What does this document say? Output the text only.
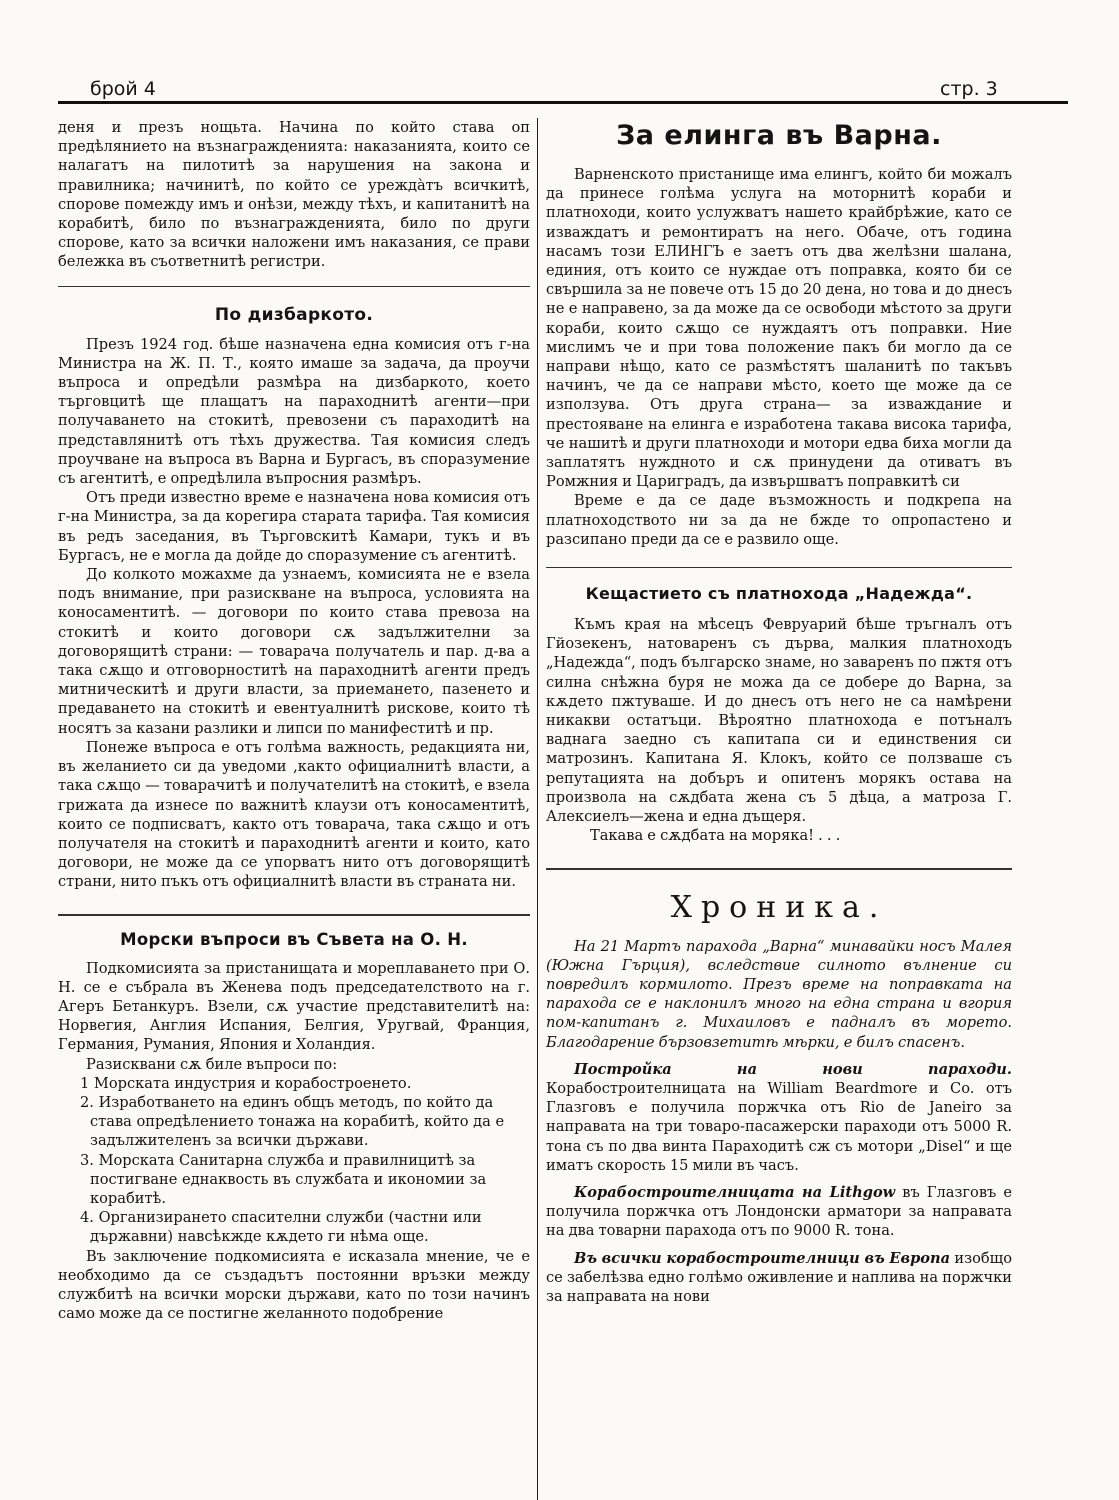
брой 4	стр. 3

деня и презъ нощьта. Начина по който става оп предѣлянието на възнагражденията: наказанията, които се налагатъ на пилотитѣ за нарушения на закона и правилника; начинитѣ, по който се урежда̀тъ всичкитѣ, спорове помежду имъ и онѣзи, между тѣхъ, и капитанитѣ на корабитѣ, било по възнагражденията, било по други спорове, като за всички наложени имъ наказания, се прави бележка въ съответнитѣ регистри.

По дизбаркото.

Презъ 1924 год. бѣше назначена една комисия отъ г-на Министра на Ж. П. Т., която имаше за задача, да проучи въпроса и опредѣли размѣра на дизбаркото, което търговцитѣ ще плащатъ на параходнитѣ агенти—при получаването на стокитѣ, превозени съ параходитѣ на представлянитѣ отъ тѣхъ дружества. Тая комисия следъ проучване на въпроса въ Варна и Бургасъ, въ споразумение съ агентитѣ, е опредѣлила въпросния размѣръ.

Отъ преди известно време е назначена нова комисия отъ г-на Министра, за да корегира старата тарифа. Тая комисия въ редъ заседания, въ Търговскитѣ Камари, тукъ и въ Бургасъ, не е могла да дойде до споразумение съ агентитѣ.

До колкото можахме да узнаемъ, комисията не е взела подъ внимание, при разискване на въпроса, условията на коносаментитѣ. — договори по които става превоза на стокитѣ и които договори сѫ задължителни за договорящитѣ страни: — товарача получатель и пар. д-ва а така сѫщо и отговорноститѣ на параходнитѣ агенти предъ митническитѣ и други власти, за приемането, пазенето и предаването на стокитѣ и евентуалнитѣ рискове, които тѣ носятъ за казани разлики и липси по манифеститѣ и пр.

Понеже въпроса е отъ голѣма важность, редакцията ни, въ желанието си да уведоми ,както официалнитѣ власти, а така сѫщо — товарачитѣ и получателитѣ на стокитѣ, е взела грижата да изнесе по важнитѣ клаузи отъ коносаментитѣ, които се подписватъ, както отъ товарача, така сѫщо и отъ получателя на стокитѣ и параходнитѣ агенти и които, като договори, не може да се упорватъ нито отъ договорящитѣ страни, нито пъкъ отъ официалнитѣ власти въ страната ни.

Морски въпроси въ Съвета на О. Н.

Подкомисията за пристанищата и мореплаването при О. Н. се е събрала въ Женева подъ председателството на г. Агеръ Бетанкуръ. Взели, сѫ участие представителитѣ на: Норвегия, Англия Испания, Белгия, Уругвай, Франция, Германия, Румания, Япония и Холандия.

Разисквани сѫ биле въпроси по:

1 Морската индустрия и корабостроенето.

2. Изработването на единъ общъ методъ, по който да става опредѣлението тонажа на корабитѣ, който да е задължителенъ за всички държави.

3. Морската Санитарна служба и правилницитѣ за постигване еднаквость въ службата и икономии за корабитѣ.

4. Организирането спасителни служби (частни или държавни) навсѣкжде кѫдето ги нѣма още.

Въ заключение подкомисията е исказала мнение, че е необходимо да се създадътъ постоянни връзки между службитѣ на всички морски държави, като по този начинъ само може да се постигне желанното подобрение

За елинга въ Варна.

Варненското пристанище има елингъ, който би можалъ да принесе голѣма услуга на моторнитѣ кораби и платноходи, които услужватъ нашето крайбрѣжие, като се изваждатъ и ремонтиратъ на него. Обаче, отъ година насамъ този ЕЛИНГЪ е заетъ отъ два желѣзни шалана, единия, отъ които се нуждае отъ поправка, която би се свършила за не повече отъ 15 до 20 дена, но това и до днесъ не е направено, за да може да се освободи мѣстото за други кораби, които сѫщо се нуждаятъ отъ поправки. Ние мислимъ че и при това положение пакъ би могло да се направи нѣщо, като се размѣстятъ шаланитѣ по такъвъ начинъ, че да се направи мѣсто, което ще може да се използува. Отъ друга страна— за изваждание и престояване на елинга е изработена такава висока тарифа, че нашитѣ и други платноходи и мотори едва биха могли да заплатятъ нуждното и сѫ принудени да отиватъ въ Ромжния и Цариградъ, да извършватъ поправкитѣ си

Време е да се даде възможность и подкрепа на платноходството ни за да не бжде то опропастено и разсипано преди да се е развило още.

Кещастието съ платнохода „Надежда“.

Къмъ края на мѣсецъ Февруарий бѣше тръгналъ отъ Гйозекенъ, натоваренъ съ дърва, малкия платноходъ „Надежда“, подъ българско знаме, но заваренъ по пжтя отъ силна снѣжна буря не можа да се добере до Варна, за кѫдето пжтуваше. И до днесъ отъ него не са намѣрени никакви остатъци. Вѣроятно платнохода е потъналъ ваднага заедно съ капитапа си и единствения си матрозинъ. Капитана Я. Клокъ, който се ползваше съ репутацията на добъръ и опитенъ морякъ остава на произвола на сѫдбата жена съ 5 дѣца, а матроза Г. Алексиелъ—жена и една дъщеря.

Такава е сѫдбата на моряка! . . .

Хроника.

На 21 Мартъ парахода „Варна“ минавайки носъ Малея (Южна Гърция), вследствие силното вълнение си повредилъ кормилото. Презъ време на поправката на парахода се е наклонилъ много на една страна и вгория пом-капитанъ г. Михаиловъ е падналъ въ морето. Благодарение бързовзетитѣ мѣрки, е билъ спасенъ.

Постройка на нови параходи. Корабостроителницата на William Beardmore и Co. отъ Глазговъ е получила поржчка отъ Rio de Janeiro за направата на три товаро-пасажерски параходи отъ 5000 R. тона съ по два винта Параходитѣ сж съ мотори „Disel“ и ще иматъ скорость 15 мили въ часъ.

Корабостроителницата на Lithgow въ Глазговъ е получила поржчка отъ Лондонски арматори за направата на два товарни парахода отъ по 9000 R. тона.

Въ всички корабостроителници въ Европа изобщо се забелѣзва едно голѣмо оживление и наплива на поржчки за направата на нови
